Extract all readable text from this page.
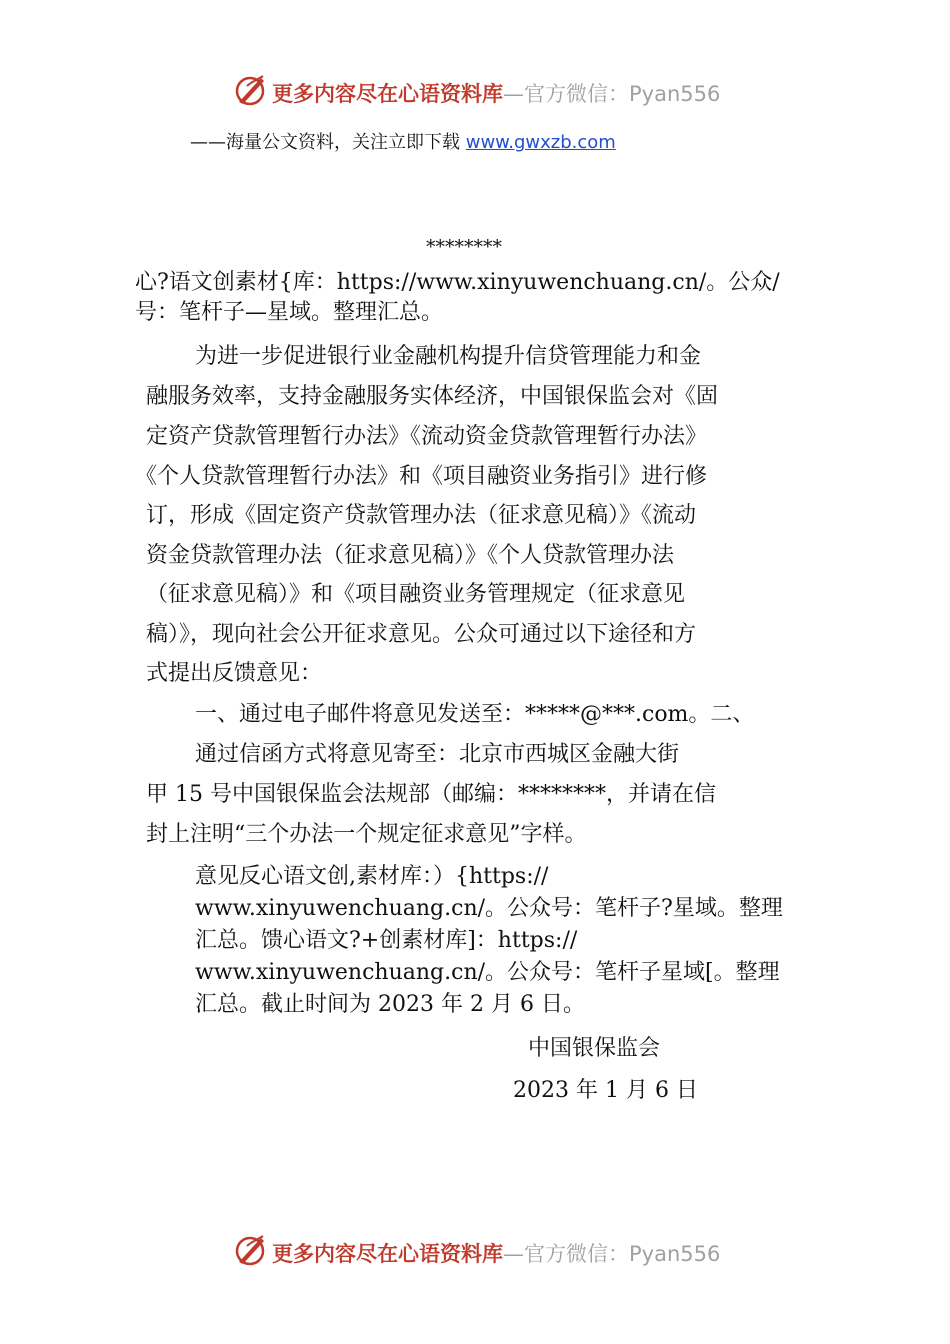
更多内容尽在心语资料库—官方微信：Pyan556
——海量公文资料，关注立即下载 www.gwxzb.com
********
心?语文创素材{库：https://www.xinyuwenchuang.cn/。公众/
号：笔杆子—星域。整理汇总。
为进一步促进银行业金融机构提升信贷管理能力和金
融服务效率，支持金融服务实体经济，中国银保监会对《固
定资产贷款管理暂行办法》《流动资金贷款管理暂行办法》
《个人贷款管理暂行办法》和《项目融资业务指引》进行修
订，形成《固定资产贷款管理办法（征求意见稿）》《流动
资金贷款管理办法（征求意见稿）》《个人贷款管理办法
（征求意见稿）》和《项目融资业务管理规定（征求意见
稿）》，现向社会公开征求意见。公众可通过以下途径和方
式提出反馈意见：
一、通过电子邮件将意见发送至：*****@***.com。二、
通过信函方式将意见寄至：北京市西城区金融大街
甲 15 号中国银保监会法规部（邮编：********，并请在信
封上注明“三个办法一个规定征求意见”字样。
意见反心语文创,素材库：）{https://
www.xinyuwenchuang.cn/。公众号：笔杆子?星域。整理
汇总。馈心语文?+创素材库]：https://
www.xinyuwenchuang.cn/。公众号：笔杆子星域[。整理
汇总。截止时间为 2023 年 2 月 6 日。
中国银保监会
2023 年 1 月 6 日
更多内容尽在心语资料库—官方微信：Pyan556
